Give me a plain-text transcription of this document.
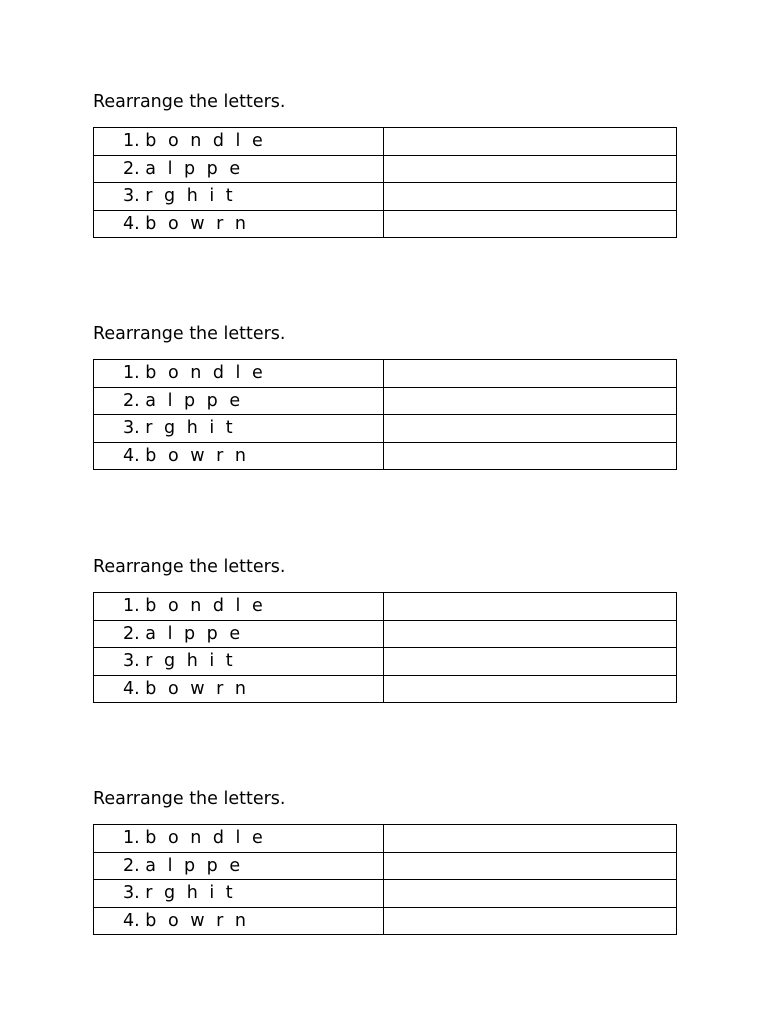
Rearrange the letters.
1. b o n d l e	
2. a l p p e	
3. r g h i t	
4. b o w r n	
Rearrange the letters.
1. b o n d l e	
2. a l p p e	
3. r g h i t	
4. b o w r n	
Rearrange the letters.
1. b o n d l e	
2. a l p p e	
3. r g h i t	
4. b o w r n	
Rearrange the letters.
1. b o n d l e	
2. a l p p e	
3. r g h i t	
4. b o w r n	
